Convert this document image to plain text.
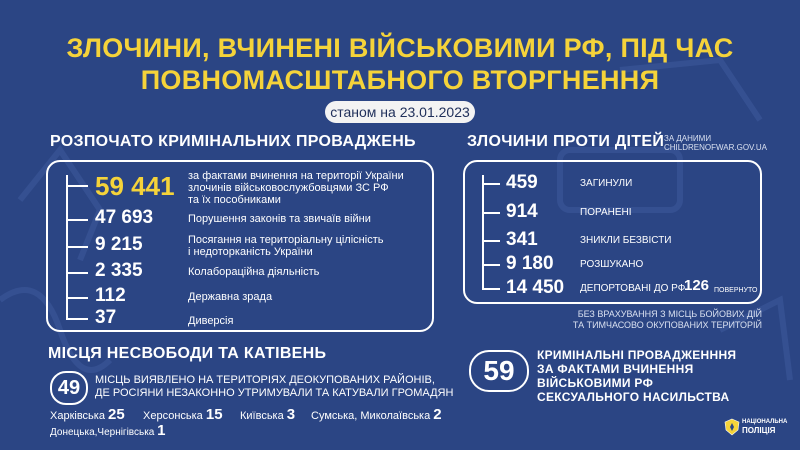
ЗЛОЧИНИ, ВЧИНЕНІ ВІЙСЬКОВИМИ РФ, ПІД ЧАС
ПОВНОМАСШТАБНОГО ВТОРГНЕННЯ
станом на 23.01.2023
РОЗПОЧАТО КРИМІНАЛЬНИХ ПРОВАДЖЕНЬ
59 441 за фактами вчинення на території України
злочинів військовослужбовцями ЗС РФ
та їх пособниками
47 693	Порушення законів та звичаїв війни
9 215	Посягання на територіальну цілісність
і недоторканість України
2 335	Колабораційна діяльність
112	Державна зрада
37	Диверсія
ЗЛОЧИНИ ПРОТИ ДІТЕЙ ЗА ДАНИМИ
CHILDRENOFWAR.GOV.UA
459	ЗАГИНУЛИ
914	ПОРАНЕНІ
341	ЗНИКЛИ БЕЗВІСТИ
9 180	РОЗШУКАНО
14 450 ДЕПОРТОВАНІ ДО РФ
126 ПОВЕРНУТО
БЕЗ ВРАХУВАННЯ З МІСЦЬ БОЙОВИХ ДІЙ
ТА ТИМЧАСОВО ОКУПОВАНИХ ТЕРИТОРІЙ
МІСЦЯ НЕСВОБОДИ ТА КАТІВЕНЬ
49	МІСЦЬ ВИЯВЛЕНО НА ТЕРИТОРІЯХ ДЕОКУПОВАНИХ РАЙОНІВ,
ДЕ РОСІЯНИ НЕЗАКОННО УТРИМУВАЛИ ТА КАТУВАЛИ ГРОМАДЯН
Харківська 25 Херсонська 15 Київська 3 Сумська, Миколаївська 2
Донецька,Чернігівська 1
59	КРИМІНАЛЬНІ ПРОВАДЖЕНННЯ
ЗА ФАКТАМИ ВЧИНЕННЯ
ВІЙСЬКОВИМИ РФ
СЕКСУАЛЬНОГО НАСИЛЬСТВА
НАЦІОНАЛЬНА
ПОЛІЦІЯ
